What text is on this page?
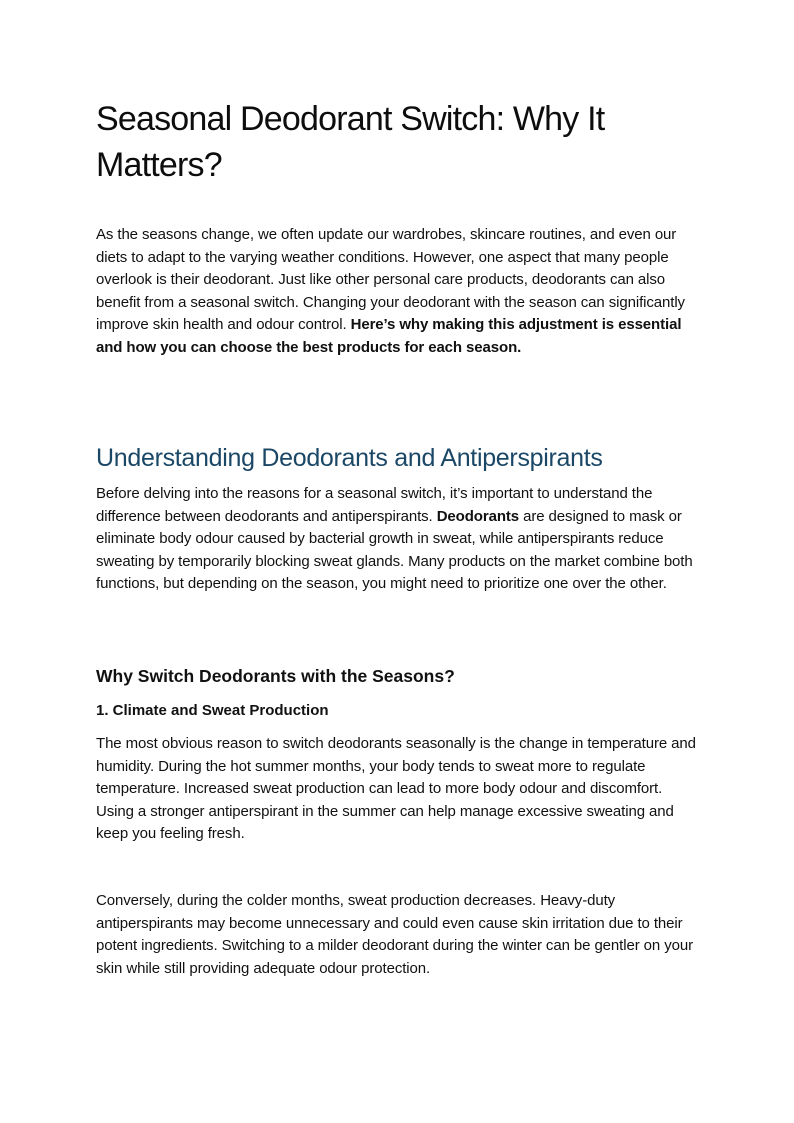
Seasonal Deodorant Switch: Why It Matters?

As the seasons change, we often update our wardrobes, skincare routines, and even our diets to adapt to the varying weather conditions. However, one aspect that many people overlook is their deodorant. Just like other personal care products, deodorants can also benefit from a seasonal switch. Changing your deodorant with the season can significantly improve skin health and odour control. Here’s why making this adjustment is essential and how you can choose the best products for each season.

Understanding Deodorants and Antiperspirants

Before delving into the reasons for a seasonal switch, it’s important to understand the difference between deodorants and antiperspirants. Deodorants are designed to mask or eliminate body odour caused by bacterial growth in sweat, while antiperspirants reduce sweating by temporarily blocking sweat glands. Many products on the market combine both functions, but depending on the season, you might need to prioritize one over the other.

Why Switch Deodorants with the Seasons?
1. Climate and Sweat Production

The most obvious reason to switch deodorants seasonally is the change in temperature and humidity. During the hot summer months, your body tends to sweat more to regulate temperature. Increased sweat production can lead to more body odour and discomfort. Using a stronger antiperspirant in the summer can help manage excessive sweating and keep you feeling fresh.

Conversely, during the colder months, sweat production decreases. Heavy-duty antiperspirants may become unnecessary and could even cause skin irritation due to their potent ingredients. Switching to a milder deodorant during the winter can be gentler on your skin while still providing adequate odour protection.
